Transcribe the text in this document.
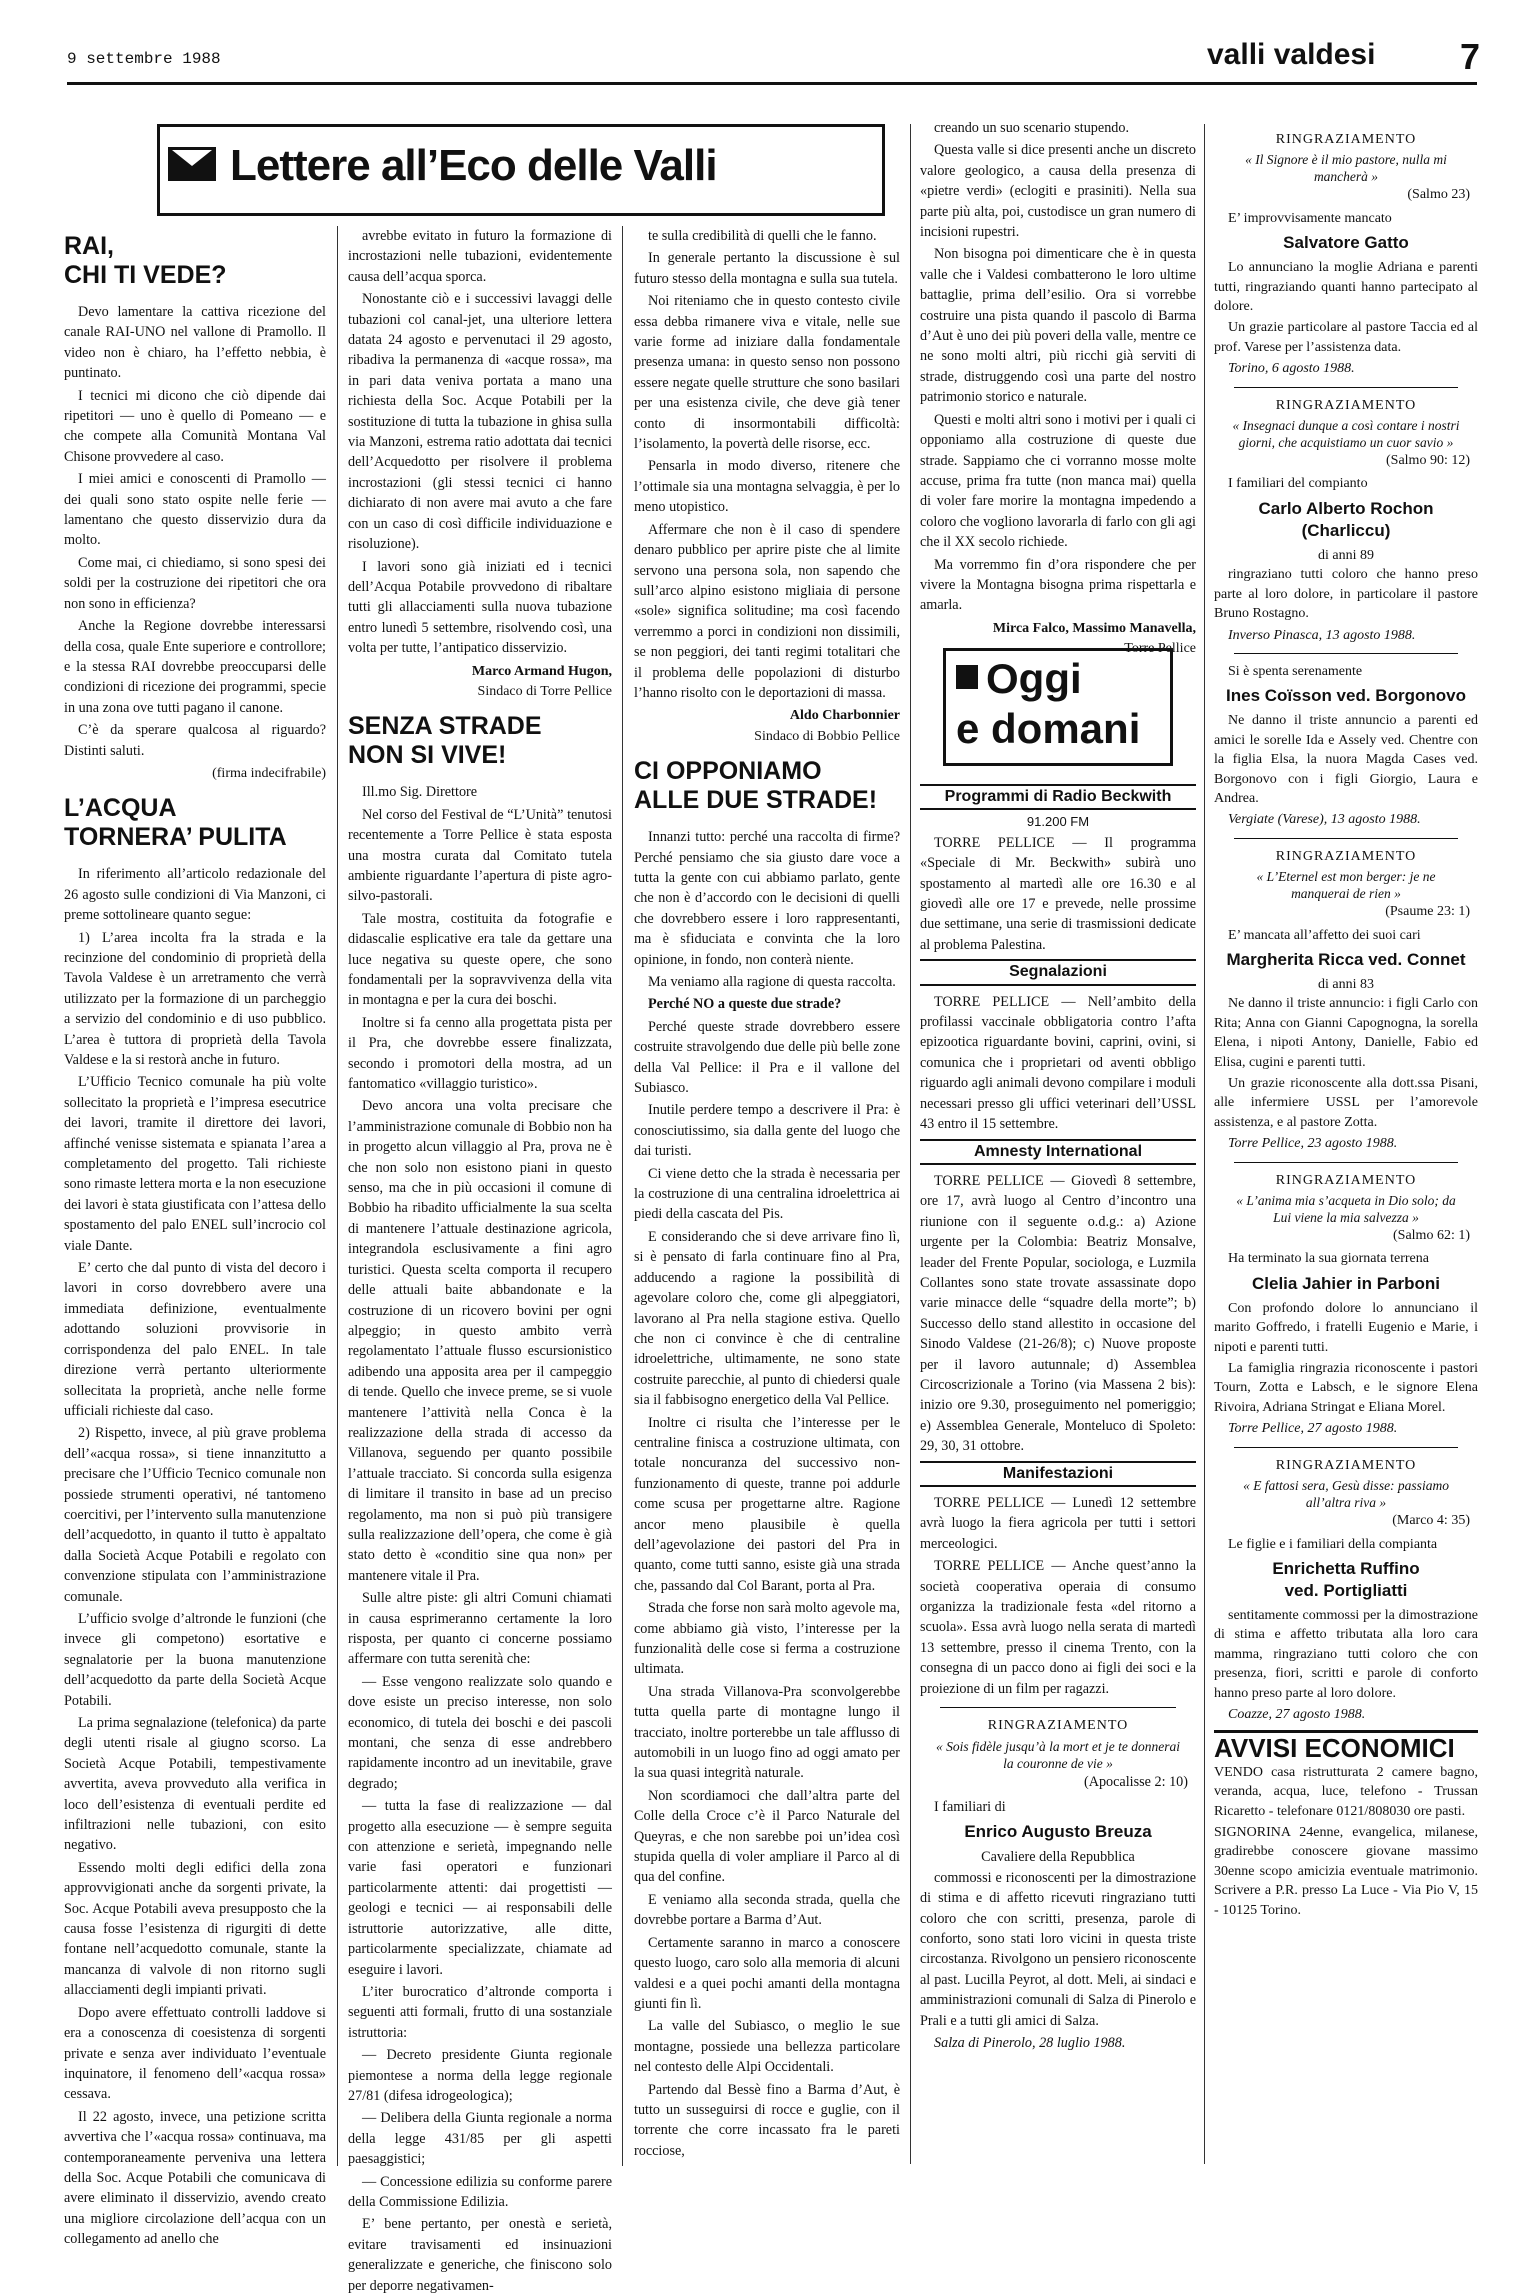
9 settembre 1988	valli valdesi 7
Lettere all’Eco delle Valli
RAI,
CHI TI VEDE?

Devo lamentare la cattiva ricezione del canale RAI-UNO nel vallone di Pramollo. Il video non è chiaro, ha l’effetto nebbia, è puntinato.

I tecnici mi dicono che ciò dipende dai ripetitori — uno è quello di Pomeano — e che compete alla Comunità Montana Val Chisone provvedere al caso.

I miei amici e conoscenti di Pramollo — dei quali sono stato ospite nelle ferie — lamentano che questo disservizio dura da molto.

Come mai, ci chiediamo, si sono spesi dei soldi per la costruzione dei ripetitori che ora non sono in efficienza?

Anche la Regione dovrebbe interessarsi della cosa, quale Ente superiore e controllore; e la stessa RAI dovrebbe preoccuparsi delle condizioni di ricezione dei programmi, specie in una zona ove tutti pagano il canone.

C’è da sperare qualcosa al riguardo? Distinti saluti.

(firma indecifrabile)
L’ACQUA
TORNERA’ PULITA

In riferimento all’articolo redazionale del 26 agosto sulle condizioni di Via Manzoni, ci preme sottolineare quanto segue:

1) L’area incolta fra la strada e la recinzione del condominio di proprietà della Tavola Valdese è un arretramento che verrà utilizzato per la formazione di un parcheggio a servizio del condominio e di uso pubblico. L’area è tuttora di proprietà della Tavola Valdese e la si restorà anche in futuro.

L’Ufficio Tecnico comunale ha più volte sollecitato la proprietà e l’impresa esecutrice dei lavori, tramite il direttore dei lavori, affinché venisse sistemata e spianata l’area a completamento del progetto. Tali richieste sono rimaste lettera morta e la non esecuzione dei lavori è stata giustificata con l’attesa dello spostamento del palo ENEL sull’incrocio col viale Dante.

E’ certo che dal punto di vista del decoro i lavori in corso dovrebbero avere una immediata definizione, eventualmente adottando soluzioni provvisorie in corrispondenza del palo ENEL. In tale direzione verrà pertanto ulteriormente sollecitata la proprietà, anche nelle forme ufficiali richieste dal caso.

2) Rispetto, invece, al più grave problema dell’«acqua rossa», si tiene innanzitutto a precisare che l’Ufficio Tecnico comunale non possiede strumenti operativi, né tantomeno coercitivi, per l’intervento sulla manutenzione dell’acquedotto, in quanto il tutto è appaltato dalla Società Acque Potabili e regolato con convenzione stipulata con l’amministrazione comunale.

L’ufficio svolge d’altronde le funzioni (che invece gli competono) esortative e segnalatorie per la buona manutenzione dell’acquedotto da parte della Società Acque Potabili.

La prima segnalazione (telefonica) da parte degli utenti risale al giugno scorso. La Società Acque Potabili, tempestivamente avvertita, aveva provveduto alla verifica in loco dell’esistenza di eventuali perdite ed infiltrazioni nelle tubazioni, con esito negativo.

Essendo molti degli edifici della zona approvvigionati anche da sorgenti private, la Soc. Acque Potabili aveva presupposto che la causa fosse l’esistenza di rigurgiti di dette fontane nell’acquedotto comunale, stante la mancanza di valvole di non ritorno sugli allacciamenti degli impianti privati.

Dopo avere effettuato controlli laddove si era a conoscenza di coesistenza di sorgenti private e senza aver individuato l’eventuale inquinatore, il fenomeno dell’«acqua rossa» cessava.

Il 22 agosto, invece, una petizione scritta avvertiva che l’«acqua rossa» continuava, ma contemporaneamente perveniva una lettera della Soc. Acque Potabili che comunicava di avere eliminato il disservizio, avendo creato una migliore circolazione dell’acqua con un collegamento ad anello che

avrebbe evitato in futuro la formazione di incrostazioni nelle tubazioni, evidentemente causa dell’acqua sporca.

Nonostante ciò e i successivi lavaggi delle tubazioni col canal-jet, una ulteriore lettera datata 24 agosto e pervenutaci il 29 agosto, ribadiva la permanenza di «acque rossa», ma in pari data veniva portata a mano una richiesta della Soc. Acque Potabili per la sostituzione di tutta la tubazione in ghisa sulla via Manzoni, estrema ratio adottata dai tecnici dell’Acquedotto per risolvere il problema incrostazioni (gli stessi tecnici ci hanno dichiarato di non avere mai avuto a che fare con un caso di così difficile individuazione e risoluzione).

I lavori sono già iniziati ed i tecnici dell’Acqua Potabile provvedono di ribaltare tutti gli allacciamenti sulla nuova tubazione entro lunedì 5 settembre, risolvendo così, una volta per tutte, l’antipatico disservizio.

Marco Armand Hugon,
Sindaco di Torre Pellice
SENZA STRADE
NON SI VIVE!

Ill.mo Sig. Direttore

Nel corso del Festival de “L’Unità” tenutosi recentemente a Torre Pellice è stata esposta una mostra curata dal Comitato tutela ambiente riguardante l’apertura di piste agro-silvo-pastorali.

Tale mostra, costituita da fotografie e didascalie esplicative era tale da gettare una luce negativa su queste opere, che sono fondamentali per la sopravvivenza della vita in montagna e per la cura dei boschi.

Inoltre si fa cenno alla progettata pista per il Pra, che dovrebbe essere finalizzata, secondo i promotori della mostra, ad un fantomatico «villaggio turistico».

Devo ancora una volta precisare che l’amministrazione comunale di Bobbio non ha in progetto alcun villaggio al Pra, prova ne è che non solo non esistono piani in questo senso, ma che in più occasioni il comune di Bobbio ha ribadito ufficialmente la sua scelta di mantenere l’attuale destinazione agricola, integrandola esclusivamente a fini agro turistici. Questa scelta comporta il recupero delle attuali baite abbandonate e la costruzione di un ricovero bovini per ogni alpeggio; in questo ambito verrà regolamentato l’attuale flusso escursionistico adibendo una apposita area per il campeggio di tende. Quello che invece preme, se si vuole mantenere l’attività nella Conca è la realizzazione della strada di accesso da Villanova, seguendo per quanto possibile l’attuale tracciato. Si concorda sulla esigenza di limitare il transito in base ad un preciso regolamento, ma non si può più transigere sulla realizzazione dell’opera, che come è già stato detto è «conditio sine qua non» per mantenere vitale il Pra.

Sulle altre piste: gli altri Comuni chiamati in causa esprimeranno certamente la loro risposta, per quanto ci concerne possiamo affermare con tutta serenità che:

— Esse vengono realizzate solo quando e dove esiste un preciso interesse, non solo economico, di tutela dei boschi e dei pascoli montani, che senza di esse andrebbero rapidamente incontro ad un inevitabile, grave degrado;

— tutta la fase di realizzazione — dal progetto alla esecuzione — è sempre seguita con attenzione e serietà, impegnando nelle varie fasi operatori e funzionari particolarmente attenti: dai progettisti — geologi e tecnici — ai responsabili delle istruttorie autorizzative, alle ditte, particolarmente specializzate, chiamate ad eseguire i lavori.

L’iter burocratico d’altronde comporta i seguenti atti formali, frutto di una sostanziale istruttoria:

— Decreto presidente Giunta regionale piemontese a norma della legge regionale 27/81 (difesa idrogeologica);

— Delibera della Giunta regionale a norma della legge 431/85 per gli aspetti paesaggistici;

— Concessione edilizia su conforme parere della Commissione Edilizia.

E’ bene pertanto, per onestà e serietà, evitare travisamenti ed insinuazioni generalizzate e generiche, che finiscono solo per deporre negativamen-

te sulla credibilità di quelli che le fanno.

In generale pertanto la discussione è sul futuro stesso della montagna e sulla sua tutela.

Noi riteniamo che in questo contesto civile essa debba rimanere viva e vitale, nelle sue varie forme ad iniziare dalla fondamentale presenza umana: in questo senso non possono essere negate quelle strutture che sono basilari per una esistenza civile, che deve già tener conto di insormontabili difficoltà: l’isolamento, la povertà delle risorse, ecc.

Pensarla in modo diverso, ritenere che l’ottimale sia una montagna selvaggia, è per lo meno utopistico.

Affermare che non è il caso di spendere denaro pubblico per aprire piste che al limite servono una persona sola, non sapendo che sull’arco alpino esistono migliaia di persone «sole» significa solitudine; ma così facendo verremmo a porci in condizioni non dissimili, se non peggiori, dei tanti regimi totalitari che il problema delle popolazioni di disturbo l’hanno risolto con le deportazioni di massa.

Aldo Charbonnier
Sindaco di Bobbio Pellice
CI OPPONIAMO
ALLE DUE STRADE!

Innanzi tutto: perché una raccolta di firme? Perché pensiamo che sia giusto dare voce a tutta la gente con cui abbiamo parlato, gente che non è d’accordo con le decisioni di quelli che dovrebbero essere i loro rappresentanti, ma è sfiduciata e convinta che la loro opinione, in fondo, non conterà niente.

Ma veniamo alla ragione di questa raccolta.

Perché NO a queste due strade?

Perché queste strade dovrebbero essere costruite stravolgendo due delle più belle zone della Val Pellice: il Pra e il vallone del Subiasco.

Inutile perdere tempo a descrivere il Pra: è conosciutissimo, sia dalla gente del luogo che dai turisti.

Ci viene detto che la strada è necessaria per la costruzione di una centralina idroelettrica ai piedi della cascata del Pis.

E considerando che si deve arrivare fino lì, si è pensato di farla continuare fino al Pra, adducendo a ragione la possibilità di agevolare coloro che, come gli alpeggiatori, lavorano al Pra nella stagione estiva. Quello che non ci convince è che di centraline idroelettriche, ultimamente, ne sono state costruite parecchie, al punto di chiedersi quale sia il fabbisogno energetico della Val Pellice.

Inoltre ci risulta che l’interesse per le centraline finisca a costruzione ultimata, con totale noncuranza del successivo non-funzionamento di queste, tranne poi addurle come scusa per progettarne altre. Ragione ancor meno plausibile è quella dell’agevolazione dei pastori del Pra in quanto, come tutti sanno, esiste già una strada che, passando dal Col Barant, porta al Pra.

Strada che forse non sarà molto agevole ma, come abbiamo già visto, l’interesse per la funzionalità delle cose si ferma a costruzione ultimata.

Una strada Villanova-Pra sconvolgerebbe tutta quella parte di montagne lungo il tracciato, inoltre porterebbe un tale afflusso di automobili in un luogo fino ad oggi amato per la sua quasi integrità naturale.

Non scordiamoci che dall’altra parte del Colle della Croce c’è il Parco Naturale del Queyras, e che non sarebbe poi un’idea così stupida quella di voler ampliare il Parco al di qua del confine.

E veniamo alla seconda strada, quella che dovrebbe portare a Barma d’Aut.

Certamente saranno in marco a conoscere questo luogo, caro solo alla memoria di alcuni valdesi e a quei pochi amanti della montagna giunti fin lì.

La valle del Subiasco, o meglio le sue montagne, possiede una bellezza particolare nel contesto delle Alpi Occidentali.

Partendo dal Bessè fino a Barma d’Aut, è tutto un susseguirsi di rocce e guglie, con il torrente che corre incassato fra le pareti rocciose,

creando un suo scenario stupendo.

Questa valle si dice presenti anche un discreto valore geologico, a causa della presenza di «pietre verdi» (eclogiti e prasiniti). Nella sua parte più alta, poi, custodisce un gran numero di incisioni rupestri.

Non bisogna poi dimenticare che è in questa valle che i Valdesi combatterono le loro ultime battaglie, prima dell’esilio. Ora si vorrebbe costruire una pista quando il pascolo di Barma d’Aut è uno dei più poveri della valle, mentre ce ne sono molti altri, più ricchi già serviti di strade, distruggendo così una parte del nostro patrimonio storico e naturale.

Questi e molti altri sono i motivi per i quali ci opponiamo alla costruzione di queste due strade. Sappiamo che ci vorranno mosse molte accuse, prima fra tutte (non manca mai) quella di voler fare morire la montagna impedendo a coloro che vogliono lavorarla di farlo con gli agi che il XX secolo richiede.

Ma vorremmo fin d’ora rispondere che per vivere la Montagna bisogna prima rispettarla e amarla.

Mirca Falco, Massimo Manavella,
Torre Pellice
Oggi
e domani
Programmi di Radio Beckwith
91.200 FM

TORRE PELLICE — Il programma «Speciale di Mr. Beckwith» subirà uno spostamento al martedì alle ore 16.30 e al giovedì alle ore 17 e prevede, nelle prossime due settimane, una serie di trasmissioni dedicate al problema Palestina.

Segnalazioni

TORRE PELLICE — Nell’ambito della profilassi vaccinale obbligatoria contro l’afta epizootica riguardante bovini, caprini, ovini, si comunica che i proprietari od aventi obbligo riguardo agli animali devono compilare i moduli necessari presso gli uffici veterinari dell’USSL 43 entro il 15 settembre.

Amnesty International

TORRE PELLICE — Giovedì 8 settembre, ore 17, avrà luogo al Centro d’incontro una riunione con il seguente o.d.g.: a) Azione urgente per la Colombia: Beatriz Monsalve, leader del Frente Popular, sociologa, e Luzmila Collantes sono state trovate assassinate dopo varie minacce delle “squadre della morte”; b) Successo dello stand allestito in occasione del Sinodo Valdese (21-26/8); c) Nuove proposte per il lavoro autunnale; d) Assemblea Circoscrizionale a Torino (via Massena 2 bis): inizio ore 9.30, proseguimento nel pomeriggio; e) Assemblea Generale, Monteluco di Spoleto: 29, 30, 31 ottobre.

Manifestazioni

TORRE PELLICE — Lunedì 12 settembre avrà luogo la fiera agricola per tutti i settori merceologici.

TORRE PELLICE — Anche quest’anno la società cooperativa operaia di consumo organizza la tradizionale festa «del ritorno a scuola». Essa avrà luogo nella serata di martedì 13 settembre, presso il cinema Trento, con la consegna di un pacco dono ai figli dei soci e la proiezione di un film per ragazzi.

RINGRAZIAMENTO
« Sois fidèle jusqu’à la mort et je te donnerai la couronne de vie »
(Apocalisse 2: 10)

I familiari di

Enrico Augusto Breuza
Cavaliere della Repubblica

commossi e riconoscenti per la dimostrazione di stima e di affetto ricevuti ringraziano tutti coloro che con scritti, presenza, parole di conforto, sono stati loro vicini in questa triste circostanza. Rivolgono un pensiero riconoscente al past. Lucilla Peyrot, al dott. Meli, ai sindaci e amministrazioni comunali di Salza di Pinerolo e Prali e a tutti gli amici di Salza.

Salza di Pinerolo, 28 luglio 1988.

RINGRAZIAMENTO
« Il Signore è il mio pastore, nulla mi mancherà »
(Salmo 23)

E’ improvvisamente mancato

Salvatore Gatto

Lo annunciano la moglie Adriana e parenti tutti, ringraziando quanti hanno partecipato al dolore.

Un grazie particolare al pastore Taccia ed al prof. Varese per l’assistenza data.

Torino, 6 agosto 1988.

RINGRAZIAMENTO
« Insegnaci dunque a così contare i nostri giorni, che acquistiamo un cuor savio »
(Salmo 90: 12)

I familiari del compianto

Carlo Alberto Rochon
(Charliccu)
di anni 89

ringraziano tutti coloro che hanno preso parte al loro dolore, in particolare il pastore Bruno Rostagno.

Inverso Pinasca, 13 agosto 1988.

Si è spenta serenamente

Ines Coïsson ved. Borgonovo

Ne danno il triste annuncio a parenti ed amici le sorelle Ida e Assely ved. Chentre con la figlia Elsa, la nuora Magda Cases ved. Borgonovo con i figli Giorgio, Laura e Andrea.

Vergiate (Varese), 13 agosto 1988.

RINGRAZIAMENTO
« L’Eternel est mon berger: je ne manquerai de rien »
(Psaume 23: 1)

E’ mancata all’affetto dei suoi cari

Margherita Ricca ved. Connet
di anni 83

Ne danno il triste annuncio: i figli Carlo con Rita; Anna con Gianni Capognogna, la sorella Elena, i nipoti Antony, Danielle, Fabio ed Elisa, cugini e parenti tutti.

Un grazie riconoscente alla dott.ssa Pisani, alle infermiere USSL per l’amorevole assistenza, e al pastore Zotta.

Torre Pellice, 23 agosto 1988.

RINGRAZIAMENTO
« L’anima mia s’acqueta in Dio solo; da Lui viene la mia salvezza »
(Salmo 62: 1)

Ha terminato la sua giornata terrena

Clelia Jahier in Parboni

Con profondo dolore lo annunciano il marito Goffredo, i fratelli Eugenio e Marie, i nipoti e parenti tutti.

La famiglia ringrazia riconoscente i pastori Tourn, Zotta e Labsch, e le signore Elena Rivoira, Adriana Stringat e Eliana Morel.

Torre Pellice, 27 agosto 1988.

RINGRAZIAMENTO
« E fattosi sera, Gesù disse: passiamo all’altra riva »
(Marco 4: 35)

Le figlie e i familiari della compianta

Enrichetta Ruffino
ved. Portigliatti

sentitamente commossi per la dimostrazione di stima e affetto tributata alla loro cara mamma, ringraziano tutti coloro che con presenza, fiori, scritti e parole di conforto hanno preso parte al loro dolore.

Coazze, 27 agosto 1988.

AVVISI ECONOMICI

VENDO casa ristrutturata 2 camere bagno, veranda, acqua, luce, telefono - Trussan Ricaretto - telefonare 0121/808030 ore pasti.

SIGNORINA 24enne, evangelica, milanese, gradirebbe conoscere giovane massimo 30enne scopo amicizia eventuale matrimonio. Scrivere a P.R. presso La Luce - Via Pio V, 15 - 10125 Torino.
